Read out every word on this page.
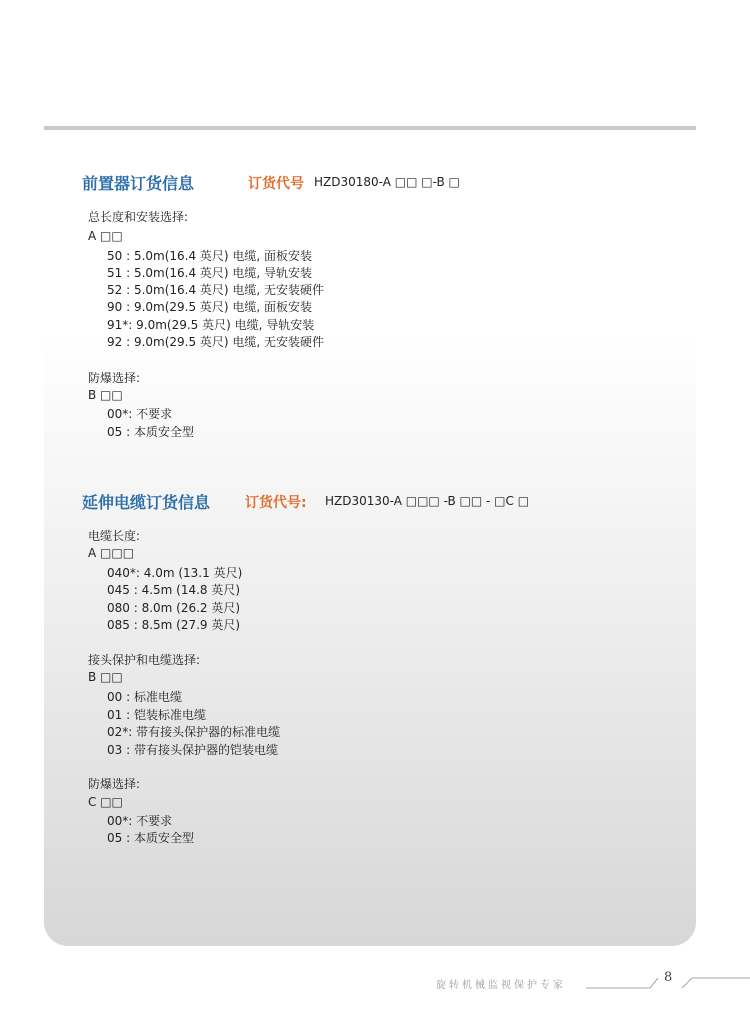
前置器订货信息	订货代号 HZD30180-A □□ □-B □
总长度和安装选择:
A □□
50 : 5.0m(16.4 英尺) 电缆, 面板安装
51 : 5.0m(16.4 英尺) 电缆, 导轨安装
52 : 5.0m(16.4 英尺) 电缆, 无安装硬件
90 : 9.0m(29.5 英尺) 电缆, 面板安装
91*: 9.0m(29.5 英尺) 电缆, 导轨安装
92 : 9.0m(29.5 英尺) 电缆, 无安装硬件
防爆选择:
B □□
00*: 不要求
05 : 本质安全型
延伸电缆订货信息 订货代号: HZD30130-A □□□ -B □□ - □C □
电缆长度:
A □□□
040*: 4.0m (13.1 英尺)
045 : 4.5m (14.8 英尺)
080 : 8.0m (26.2 英尺)
085 : 8.5m (27.9 英尺)
接头保护和电缆选择:
B □□
00 : 标准电缆
01 : 铠装标准电缆
02*: 带有接头保护器的标准电缆
03 : 带有接头保护器的铠装电缆
防爆选择:
C □□
00*: 不要求
05 : 本质安全型
旋转机械监视保护专家
8
